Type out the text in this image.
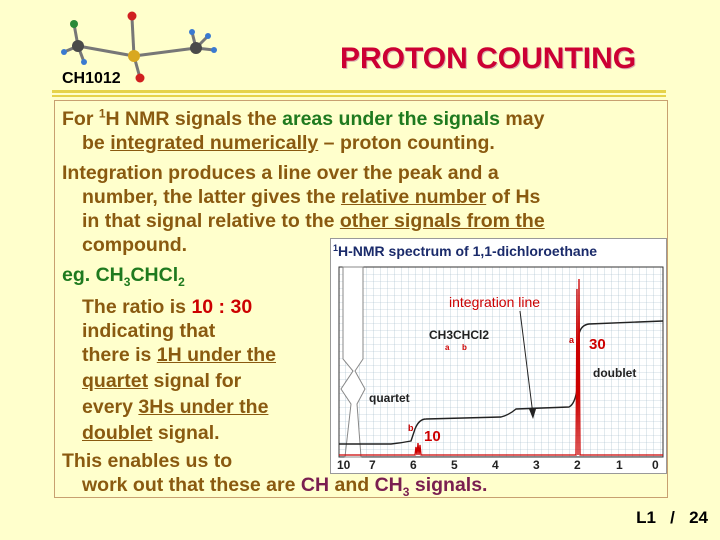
CH1012
PROTON COUNTING
For $^1$H NMR signals the areas under the signals may
be integrated numerically – proton counting.
Integration produces a line over the peak and a
number, the latter gives the relative number of Hs
in that signal relative to the other signals from the
compound.
eg. $CH_3CHCl_2$
The ratio is 10 : 30
indicating that
there is 1H under the
quartet signal for
every 3Hs under the
doublet signal.
This enables us to
work out that these are CH and $CH_3$ signals.
$^1$H-NMR spectrum of 1,1-dichloroethane
integration line
CH3CHCl2
a b
quartet
doublet
a
b
30
10
10 7	6	5	4	3	2	1 0
L1 / 24
